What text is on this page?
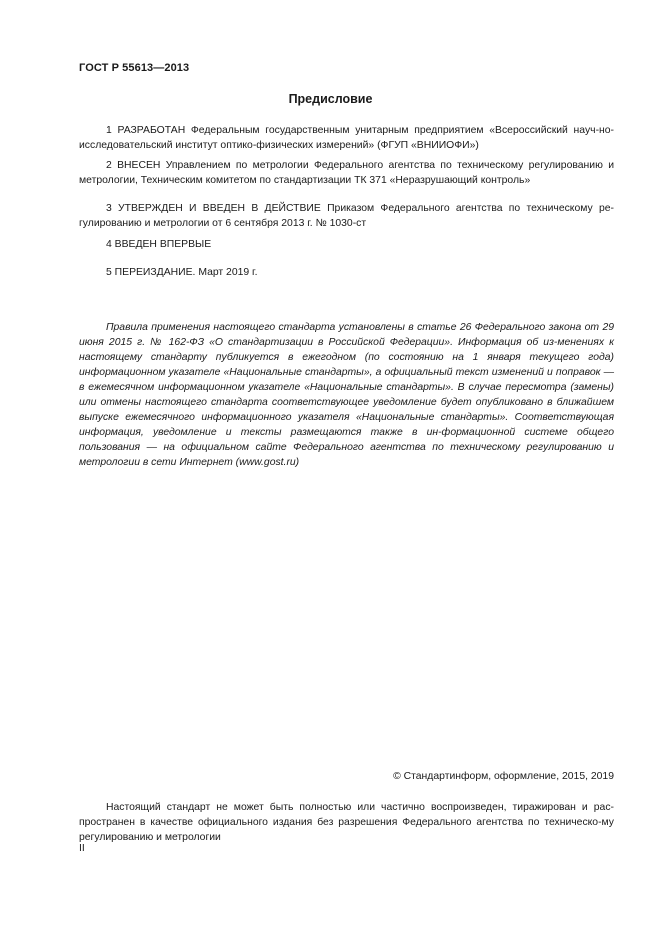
ГОСТ Р 55613—2013
Предисловие

1 РАЗРАБОТАН Федеральным государственным унитарным предприятием «Всероссийский науч-но-исследовательский институт оптико-физических измерений» (ФГУП «ВНИИОФИ»)

2 ВНЕСЕН Управлением по метрологии Федерального агентства по техническому регулированию и метрологии, Техническим комитетом по стандартизации ТК 371 «Неразрушающий контроль»

3 УТВЕРЖДЕН И ВВЕДЕН В ДЕЙСТВИЕ Приказом Федерального агентства по техническому ре-гулированию и метрологии от 6 сентября 2013 г. № 1030-ст

4 ВВЕДЕН ВПЕРВЫЕ

5 ПЕРЕИЗДАНИЕ. Март 2019 г.

Правила применения настоящего стандарта установлены в статье 26 Федерального закона от 29 июня 2015 г. № 162-ФЗ «О стандартизации в Российской Федерации». Информация об из-менениях к настоящему стандарту публикуется в ежегодном (по состоянию на 1 января текущего года) информационном указателе «Национальные стандарты», а официальный текст изменений и поправок — в ежемесячном информационном указателе «Национальные стандарты». В случае пересмотра (замены) или отмены настоящего стандарта соответствующее уведомление будет опубликовано в ближайшем выпуске ежемесячного информационного указателя «Национальные стандарты». Соответствующая информация, уведомление и тексты размещаются также в ин-формационной системе общего пользования — на официальном сайте Федерального агентства по техническому регулированию и метрологии в сети Интернет (www.gost.ru)

© Стандартинформ, оформление, 2015, 2019

Настоящий стандарт не может быть полностью или частично воспроизведен, тиражирован и рас-пространен в качестве официального издания без разрешения Федерального агентства по техническо-му регулированию и метрологии

II
